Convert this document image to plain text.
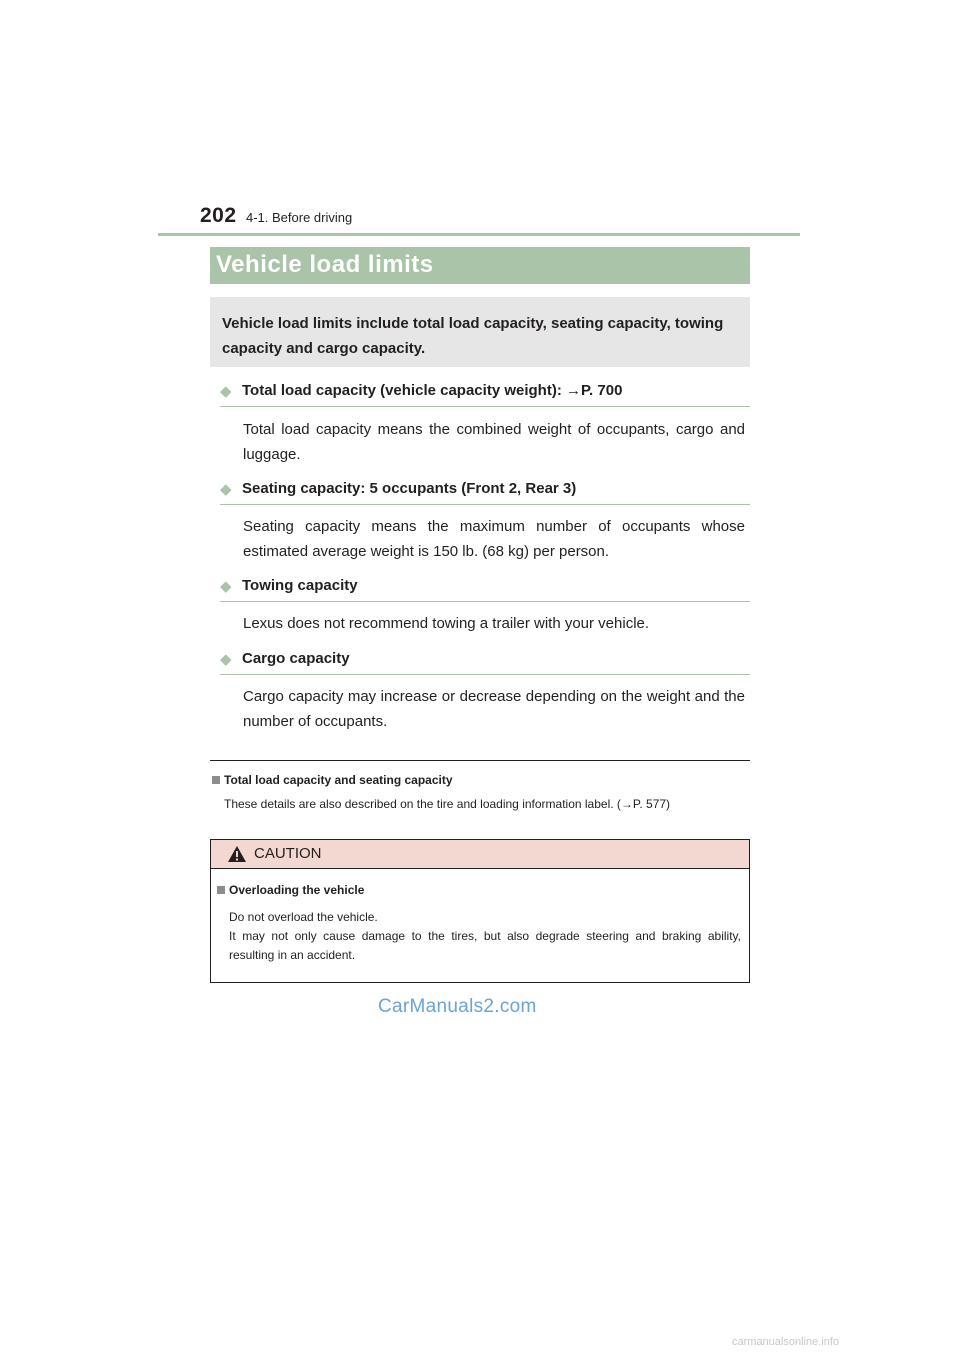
202 4-1. Before driving
Vehicle load limits
Vehicle load limits include total load capacity, seating capacity, towing capacity and cargo capacity.
◆ Total load capacity (vehicle capacity weight): →P. 700
Total load capacity means the combined weight of occupants, cargo and luggage.
◆ Seating capacity: 5 occupants (Front 2, Rear 3)
Seating capacity means the maximum number of occupants whose estimated average weight is 150 lb. (68 kg) per person.
◆ Towing capacity
Lexus does not recommend towing a trailer with your vehicle.
◆ Cargo capacity
Cargo capacity may increase or decrease depending on the weight and the number of occupants.
Total load capacity and seating capacity
These details are also described on the tire and loading information label. (→P. 577)
CAUTION
Overloading the vehicle
Do not overload the vehicle.
It may not only cause damage to the tires, but also degrade steering and braking ability, resulting in an accident.
CarManuals2.com
carmanualsonline.info
